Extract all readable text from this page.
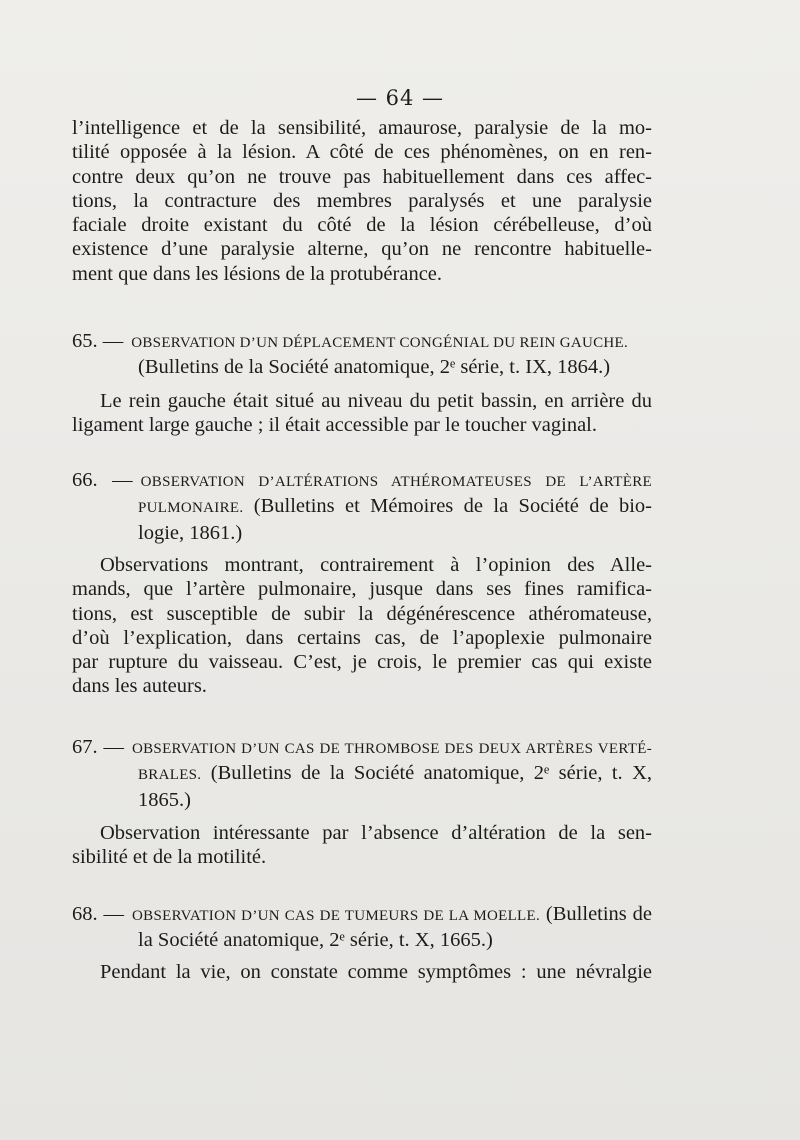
— 64 —
l’intelligence et de la sensibilité, amaurose, paralysie de la mo-
tilité opposée à la lésion. A côté de ces phénomènes, on en ren-
contre deux qu’on ne trouve pas habituellement dans ces affec-
tions, la contracture des membres paralysés et une paralysie
faciale droite existant du côté de la lésion cérébelleuse, d’où
existence d’une paralysie alterne, qu’on ne rencontre habituelle-
ment que dans les lésions de la protubérance.
65. — OBSERVATION D’UN DÉPLACEMENT CONGÉNIAL DU REIN GAUCHE.
(Bulletins de la Société anatomique, 2ᵉ série, t. IX, 1864.)
Le rein gauche était situé au niveau du petit bassin, en arrière du
ligament large gauche ; il était accessible par le toucher vaginal.
66. — OBSERVATION D’ALTÉRATIONS ATHÉROMATEUSES DE L’ARTÈRE
PULMONAIRE. (Bulletins et Mémoires de la Société de bio-
logie, 1861.)
Observations montrant, contrairement à l’opinion des Alle-
mands, que l’artère pulmonaire, jusque dans ses fines ramifica-
tions, est susceptible de subir la dégénérescence athéromateuse,
d’où l’explication, dans certains cas, de l’apoplexie pulmonaire
par rupture du vaisseau. C’est, je crois, le premier cas qui existe
dans les auteurs.
67. — OBSERVATION D’UN CAS DE THROMBOSE DES DEUX ARTÈRES VERTÉ-
BRALES. (Bulletins de la Société anatomique, 2ᵉ série, t. X,
1865.)
Observation intéressante par l’absence d’altération de la sen-
sibilité et de la motilité.
68. — OBSERVATION D’UN CAS DE TUMEURS DE LA MOELLE. (Bulletins de
la Société anatomique, 2ᵉ série, t. X, 1665.)
Pendant la vie, on constate comme symptômes : une névralgie
